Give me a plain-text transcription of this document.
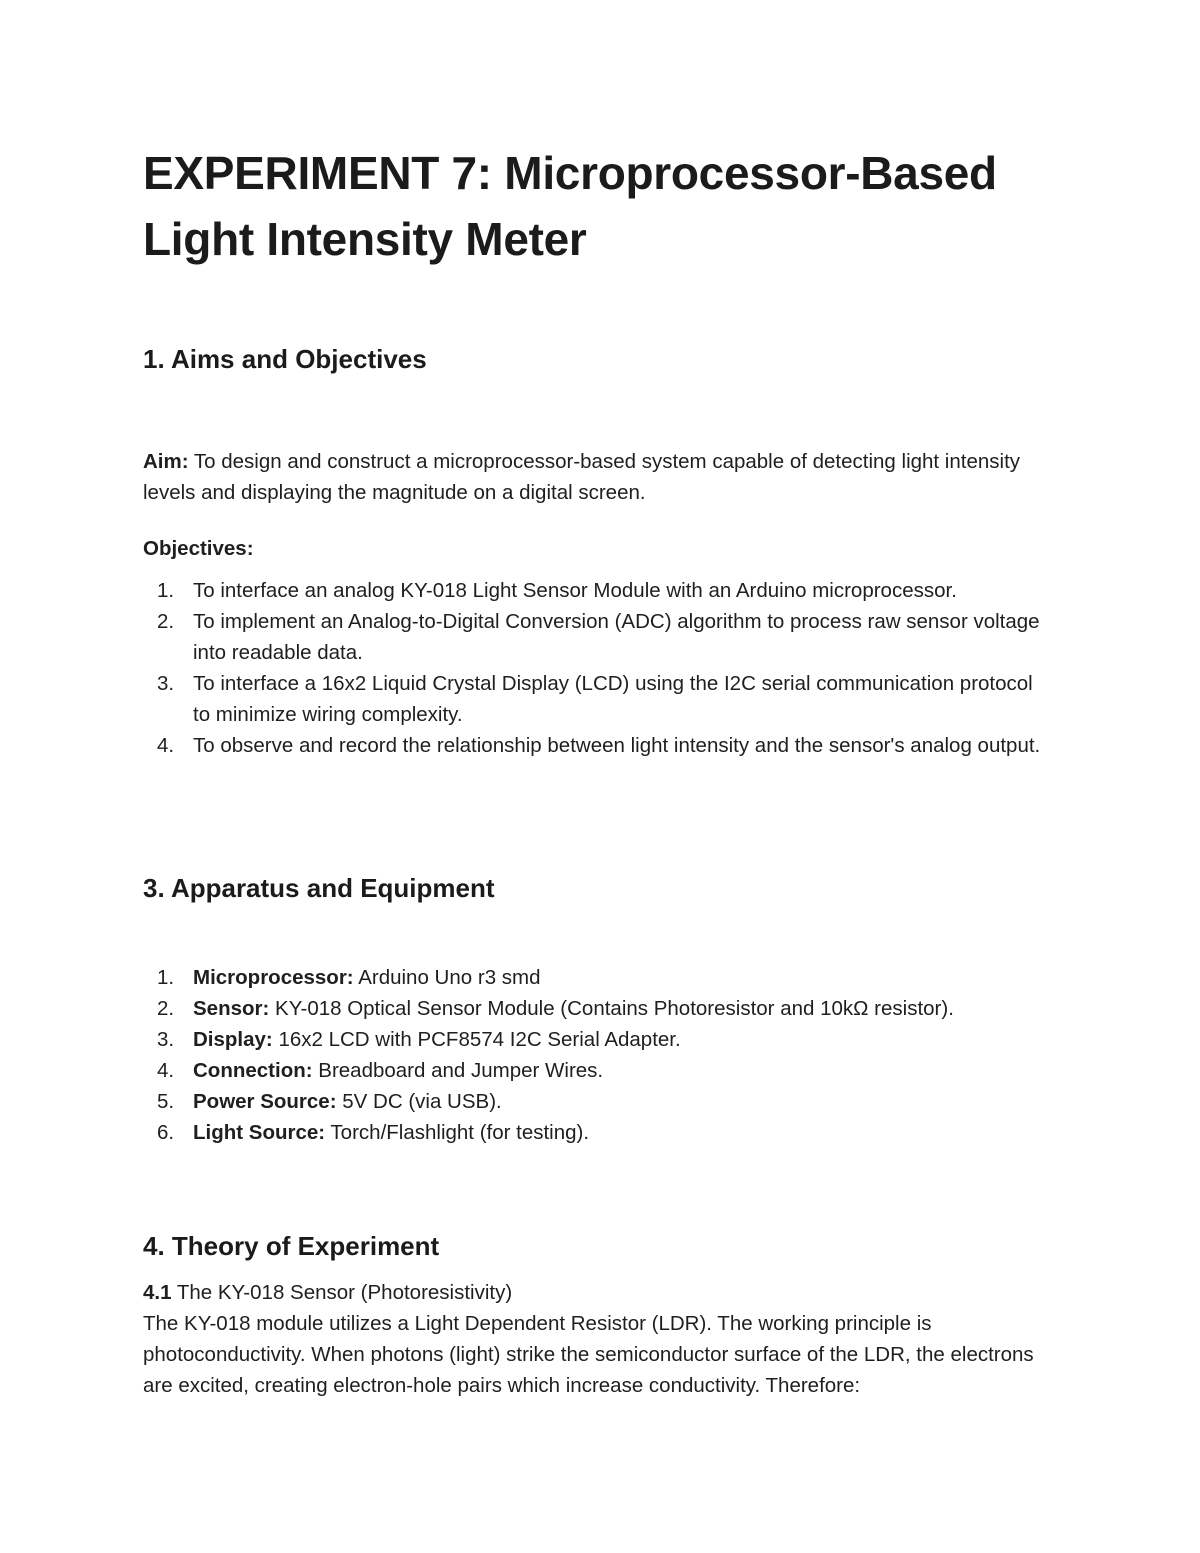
EXPERIMENT 7: Microprocessor-Based
Light Intensity Meter
1. Aims and Objectives

Aim: To design and construct a microprocessor-based system capable of detecting light intensity levels and displaying the magnitude on a digital screen.

Objectives:

1. To interface an analog KY-018 Light Sensor Module with an Arduino microprocessor.
2. To implement an Analog-to-Digital Conversion (ADC) algorithm to process raw sensor voltage into readable data.
3. To interface a 16x2 Liquid Crystal Display (LCD) using the I2C serial communication protocol to minimize wiring complexity.
4. To observe and record the relationship between light intensity and the sensor's analog output.
3. Apparatus and Equipment
1. Microprocessor: Arduino Uno r3 smd
2. Sensor: KY-018 Optical Sensor Module (Contains Photoresistor and 10kΩ resistor).
3. Display: 16x2 LCD with PCF8574 I2C Serial Adapter.
4. Connection: Breadboard and Jumper Wires.
5. Power Source: 5V DC (via USB).
6. Light Source: Torch/Flashlight (for testing).
4. Theory of Experiment

4.1 The KY-018 Sensor (Photoresistivity)

The KY-018 module utilizes a Light Dependent Resistor (LDR). The working principle is photoconductivity. When photons (light) strike the semiconductor surface of the LDR, the electrons are excited, creating electron-hole pairs which increase conductivity. Therefore:
